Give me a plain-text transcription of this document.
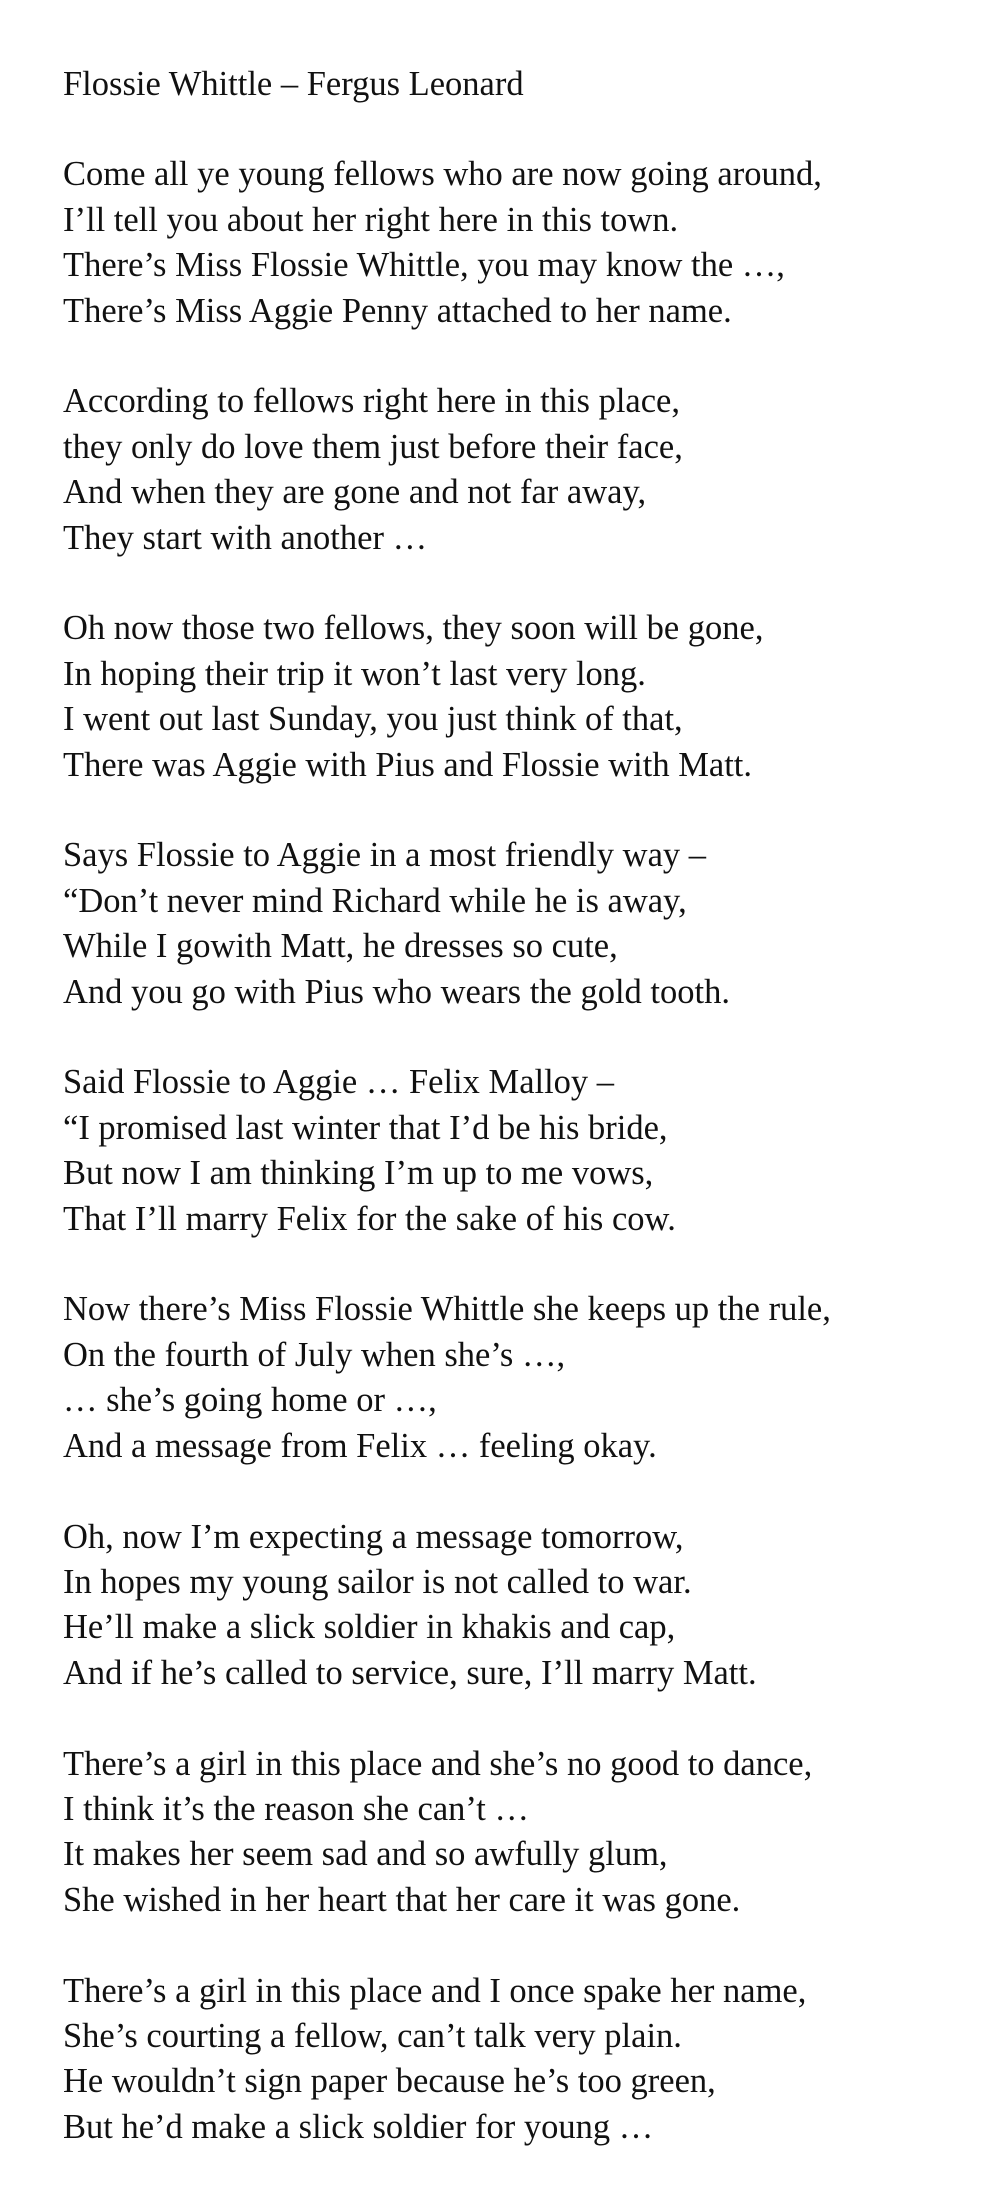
Flossie Whittle – Fergus Leonard
Come all ye young fellows who are now going around,
I’ll tell you about her right here in this town.
There’s Miss Flossie Whittle, you may know the …,
There’s Miss Aggie Penny attached to her name.
According to fellows right here in this place,
they only do love them just before their face,
And when they are gone and not far away,
They start with another …
Oh now those two fellows, they soon will be gone,
In hoping their trip it won’t last very long.
I went out last Sunday, you just think of that,
There was Aggie with Pius and Flossie with Matt.
Says Flossie to Aggie in a most friendly way –
“Don’t never mind Richard while he is away,
While I gowith Matt, he dresses so cute,
And you go with Pius who wears the gold tooth.
Said Flossie to Aggie … Felix Malloy –
“I promised last winter that I’d be his bride,
But now I am thinking I’m up to me vows,
That I’ll marry Felix for the sake of his cow.
Now there’s Miss Flossie Whittle she keeps up the rule,
On the fourth of July when she’s …,
… she’s going home or …,
And a message from Felix … feeling okay.
Oh, now I’m expecting a message tomorrow,
In hopes my young sailor is not called to war.
He’ll make a slick soldier in khakis and cap,
And if he’s called to service, sure, I’ll marry Matt.
There’s a girl in this place and she’s no good to dance,
I think it’s the reason she can’t …
It makes her seem sad and so awfully glum,
She wished in her heart that her care it was gone.
There’s a girl in this place and I once spake her name,
She’s courting a fellow, can’t talk very plain.
He wouldn’t sign paper because he’s too green,
But he’d make a slick soldier for young …
